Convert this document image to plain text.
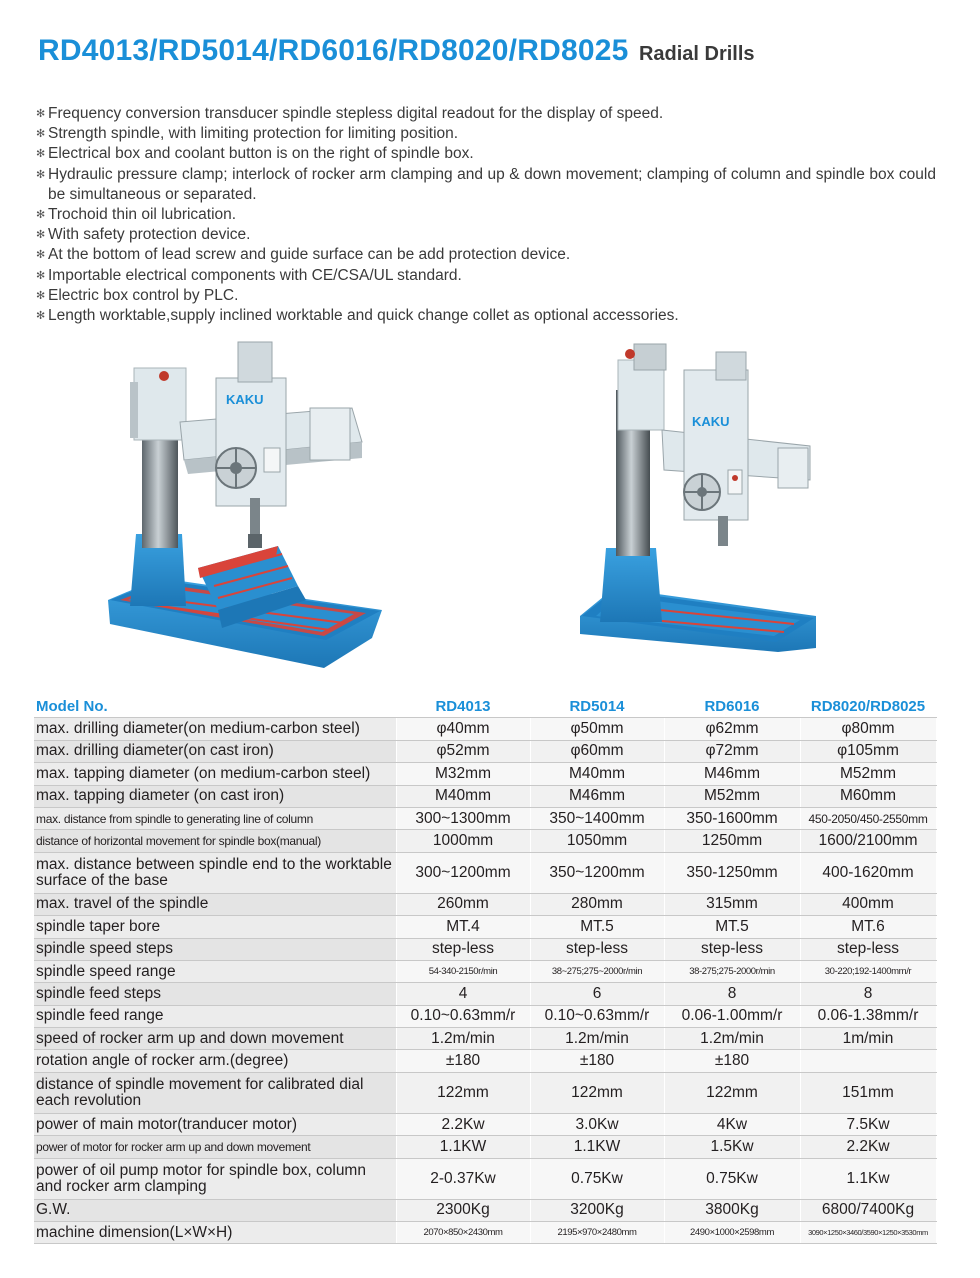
RD4013/RD5014/RD6016/RD8020/RD8025 Radial Drills
✻ Frequency conversion transducer spindle stepless digital readout for the display of speed.
✻ Strength spindle, with limiting protection for limiting position.
✻ Electrical box and coolant button is on the right of spindle box.
✻ Hydraulic pressure clamp; interlock of rocker arm clamping and up & down movement; clamping of column and spindle box could be simultaneous or separated.
✻ Trochoid thin oil lubrication.
✻ With safety protection device.
✻ At the bottom of lead screw and guide surface can be add protection device.
✻ Importable electrical components with CE/CSA/UL standard.
✻ Electric box control by PLC.
✻ Length worktable,supply inclined worktable and quick change collet as optional accessories.
KAKU
KAKU
Model No.	RD4013	RD5014	RD6016	RD8020/RD8025
max. drilling diameter(on medium-carbon steel)	φ40mm	φ50mm	φ62mm	φ80mm
max. drilling diameter(on cast iron)	φ52mm	φ60mm	φ72mm	φ105mm
max. tapping diameter (on medium-carbon steel)	M32mm	M40mm	M46mm	M52mm
max. tapping diameter (on cast iron)	M40mm	M46mm	M52mm	M60mm
max. distance from spindle to generating line of column	300~1300mm	350~1400mm	350-1600mm	450-2050/450-2550mm
distance of horizontal movement for spindle box(manual)	1000mm	1050mm	1250mm	1600/2100mm
max. distance between spindle end to the worktable surface of the base	300~1200mm	350~1200mm	350-1250mm	400-1620mm
max. travel of the spindle	260mm	280mm	315mm	400mm
spindle taper bore	MT.4	MT.5	MT.5	MT.6
spindle speed steps	step-less	step-less	step-less	step-less
spindle speed range	54-340-2150r/min	38~275;275~2000r/min	38-275;275-2000r/min	30-220;192-1400mm/r
spindle feed steps	4	6	8	8
spindle feed range	0.10~0.63mm/r	0.10~0.63mm/r	0.06-1.00mm/r	0.06-1.38mm/r
speed of rocker arm up and down movement	1.2m/min	1.2m/min	1.2m/min	1m/min
rotation angle of rocker arm.(degree)	±180	±180	±180	
distance of spindle movement for calibrated dial each revolution	122mm	122mm	122mm	151mm
power of main motor(tranducer motor)	2.2Kw	3.0Kw	4Kw	7.5Kw
power of motor for rocker arm up and down movement	1.1KW	1.1KW	1.5Kw	2.2Kw
power of oil pump motor for spindle box, column and rocker arm clamping	2-0.37Kw	0.75Kw	0.75Kw	1.1Kw
G.W.	2300Kg	3200Kg	3800Kg	6800/7400Kg
machine dimension(L×W×H)	2070×850×2430mm	2195×970×2480mm	2490×1000×2598mm	3090×1250×3460/3590×1250×3530mm
